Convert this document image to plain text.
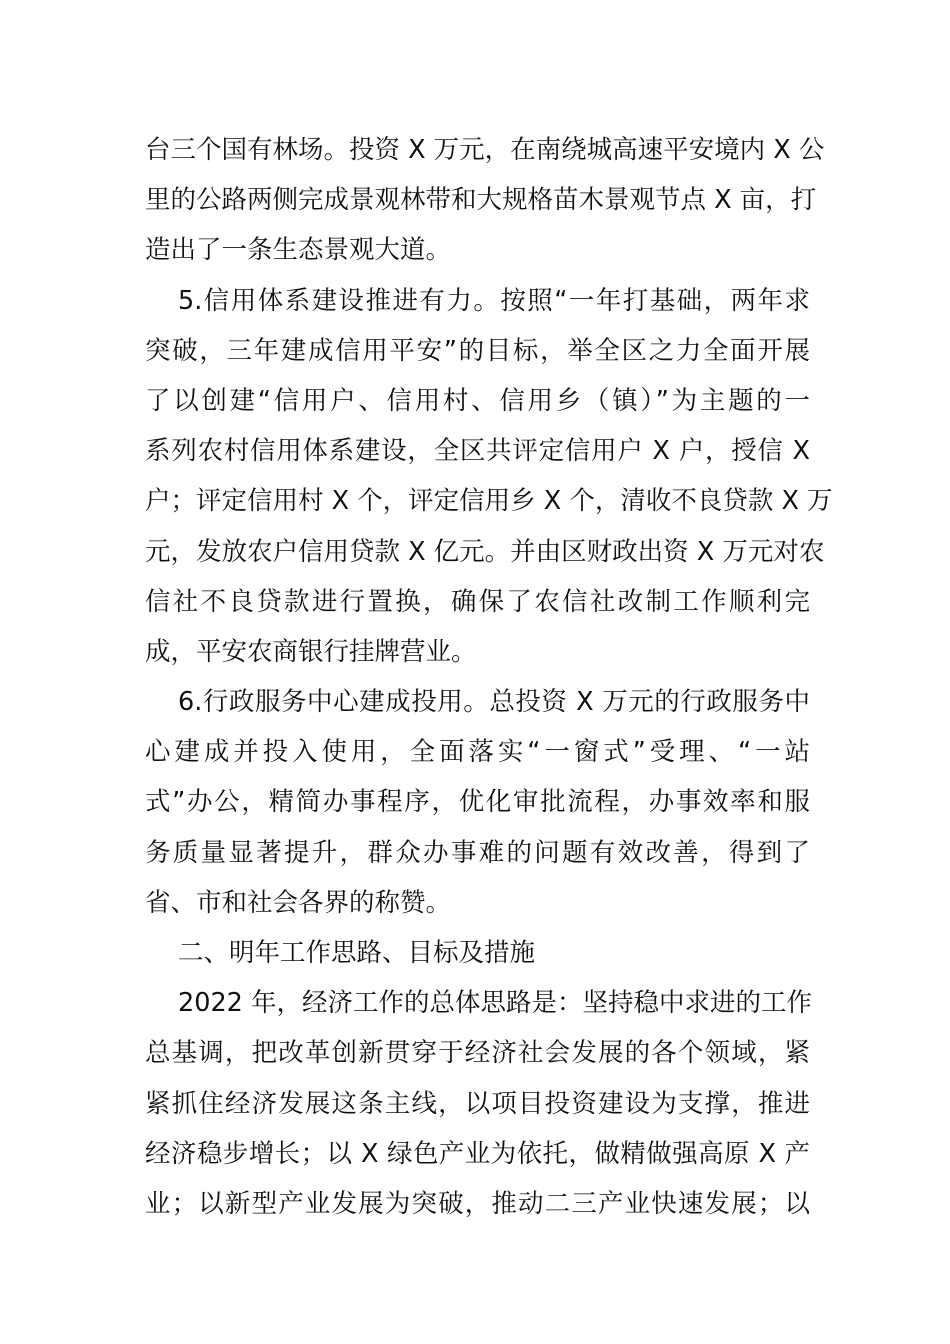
台三个国有林场。投资 X 万元，在南绕城高速平安境内 X 公
里的公路两侧完成景观林带和大规格苗木景观节点 X 亩，打
造出了一条生态景观大道。
5.信用体系建设推进有力。按照“一年打基础，两年求
突破，三年建成信用平安”的目标，举全区之力全面开展
了以创建“信用户、信用村、信用乡（镇）”为主题的一
系列农村信用体系建设，全区共评定信用户 X 户，授信 X
户；评定信用村 X 个，评定信用乡 X 个，清收不良贷款 X 万
元，发放农户信用贷款 X 亿元。并由区财政出资 X 万元对农
信社不良贷款进行置换，确保了农信社改制工作顺利完
成，平安农商银行挂牌营业。
6.行政服务中心建成投用。总投资 X 万元的行政服务中
心建成并投入使用，全面落实“一窗式”受理、“一站
式”办公，精简办事程序，优化审批流程，办事效率和服
务质量显著提升，群众办事难的问题有效改善，得到了
省、市和社会各界的称赞。
二、明年工作思路、目标及措施
2022 年，经济工作的总体思路是：坚持稳中求进的工作
总基调，把改革创新贯穿于经济社会发展的各个领域，紧
紧抓住经济发展这条主线，以项目投资建设为支撑，推进
经济稳步增长；以 X 绿色产业为依托，做精做强高原 X 产
业；以新型产业发展为突破，推动二三产业快速发展；以
